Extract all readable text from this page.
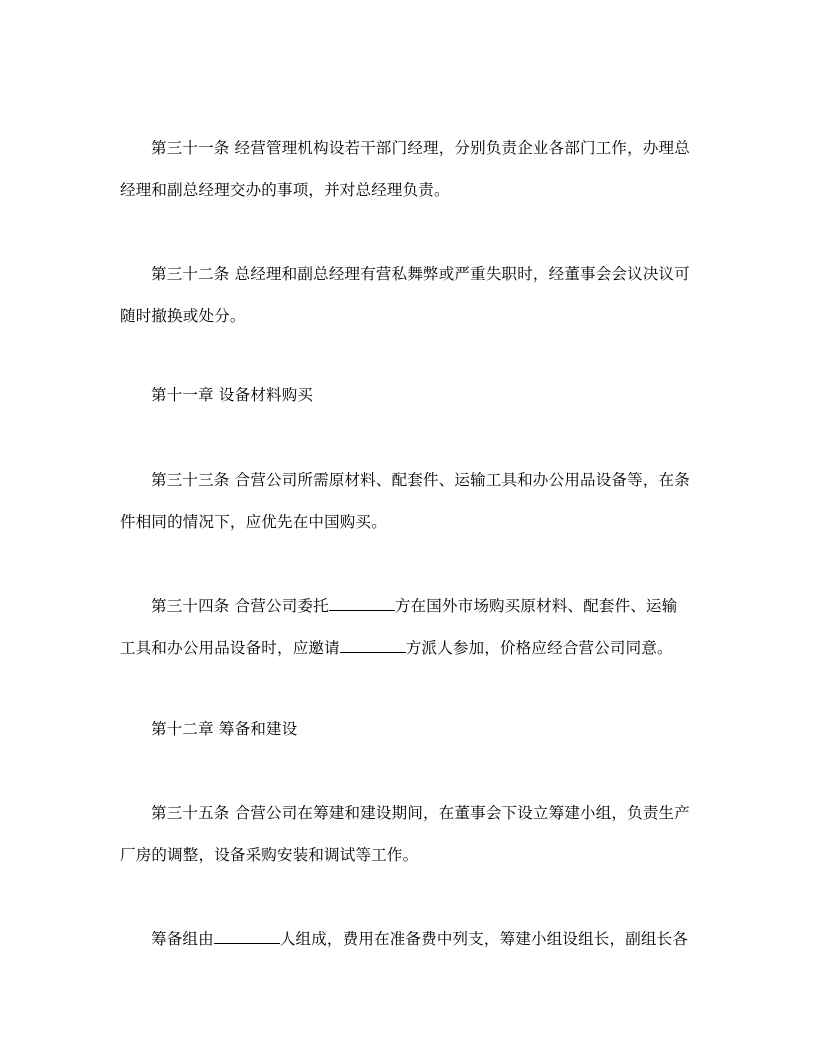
第三十一条 经营管理机构设若干部门经理，分别负责企业各部门工作，办理总
经理和副总经理交办的事项，并对总经理负责。
第三十二条 总经理和副总经理有营私舞弊或严重失职时，经董事会会议决议可
随时撤换或处分。
第十一章 设备材料购买
第三十三条 合营公司所需原材料、配套件、运输工具和办公用品设备等，在条
件相同的情况下，应优先在中国购买。
第三十四条 合营公司委托	方在国外市场购买原材料、配套件、运输
工具和办公用品设备时，应邀请	方派人参加，价格应经合营公司同意。
第十二章 筹备和建设
第三十五条 合营公司在筹建和建设期间，在董事会下设立筹建小组，负责生产
厂房的调整，设备采购安装和调试等工作。
筹备组由	人组成，费用在准备费中列支，筹建小组设组长，副组长各
